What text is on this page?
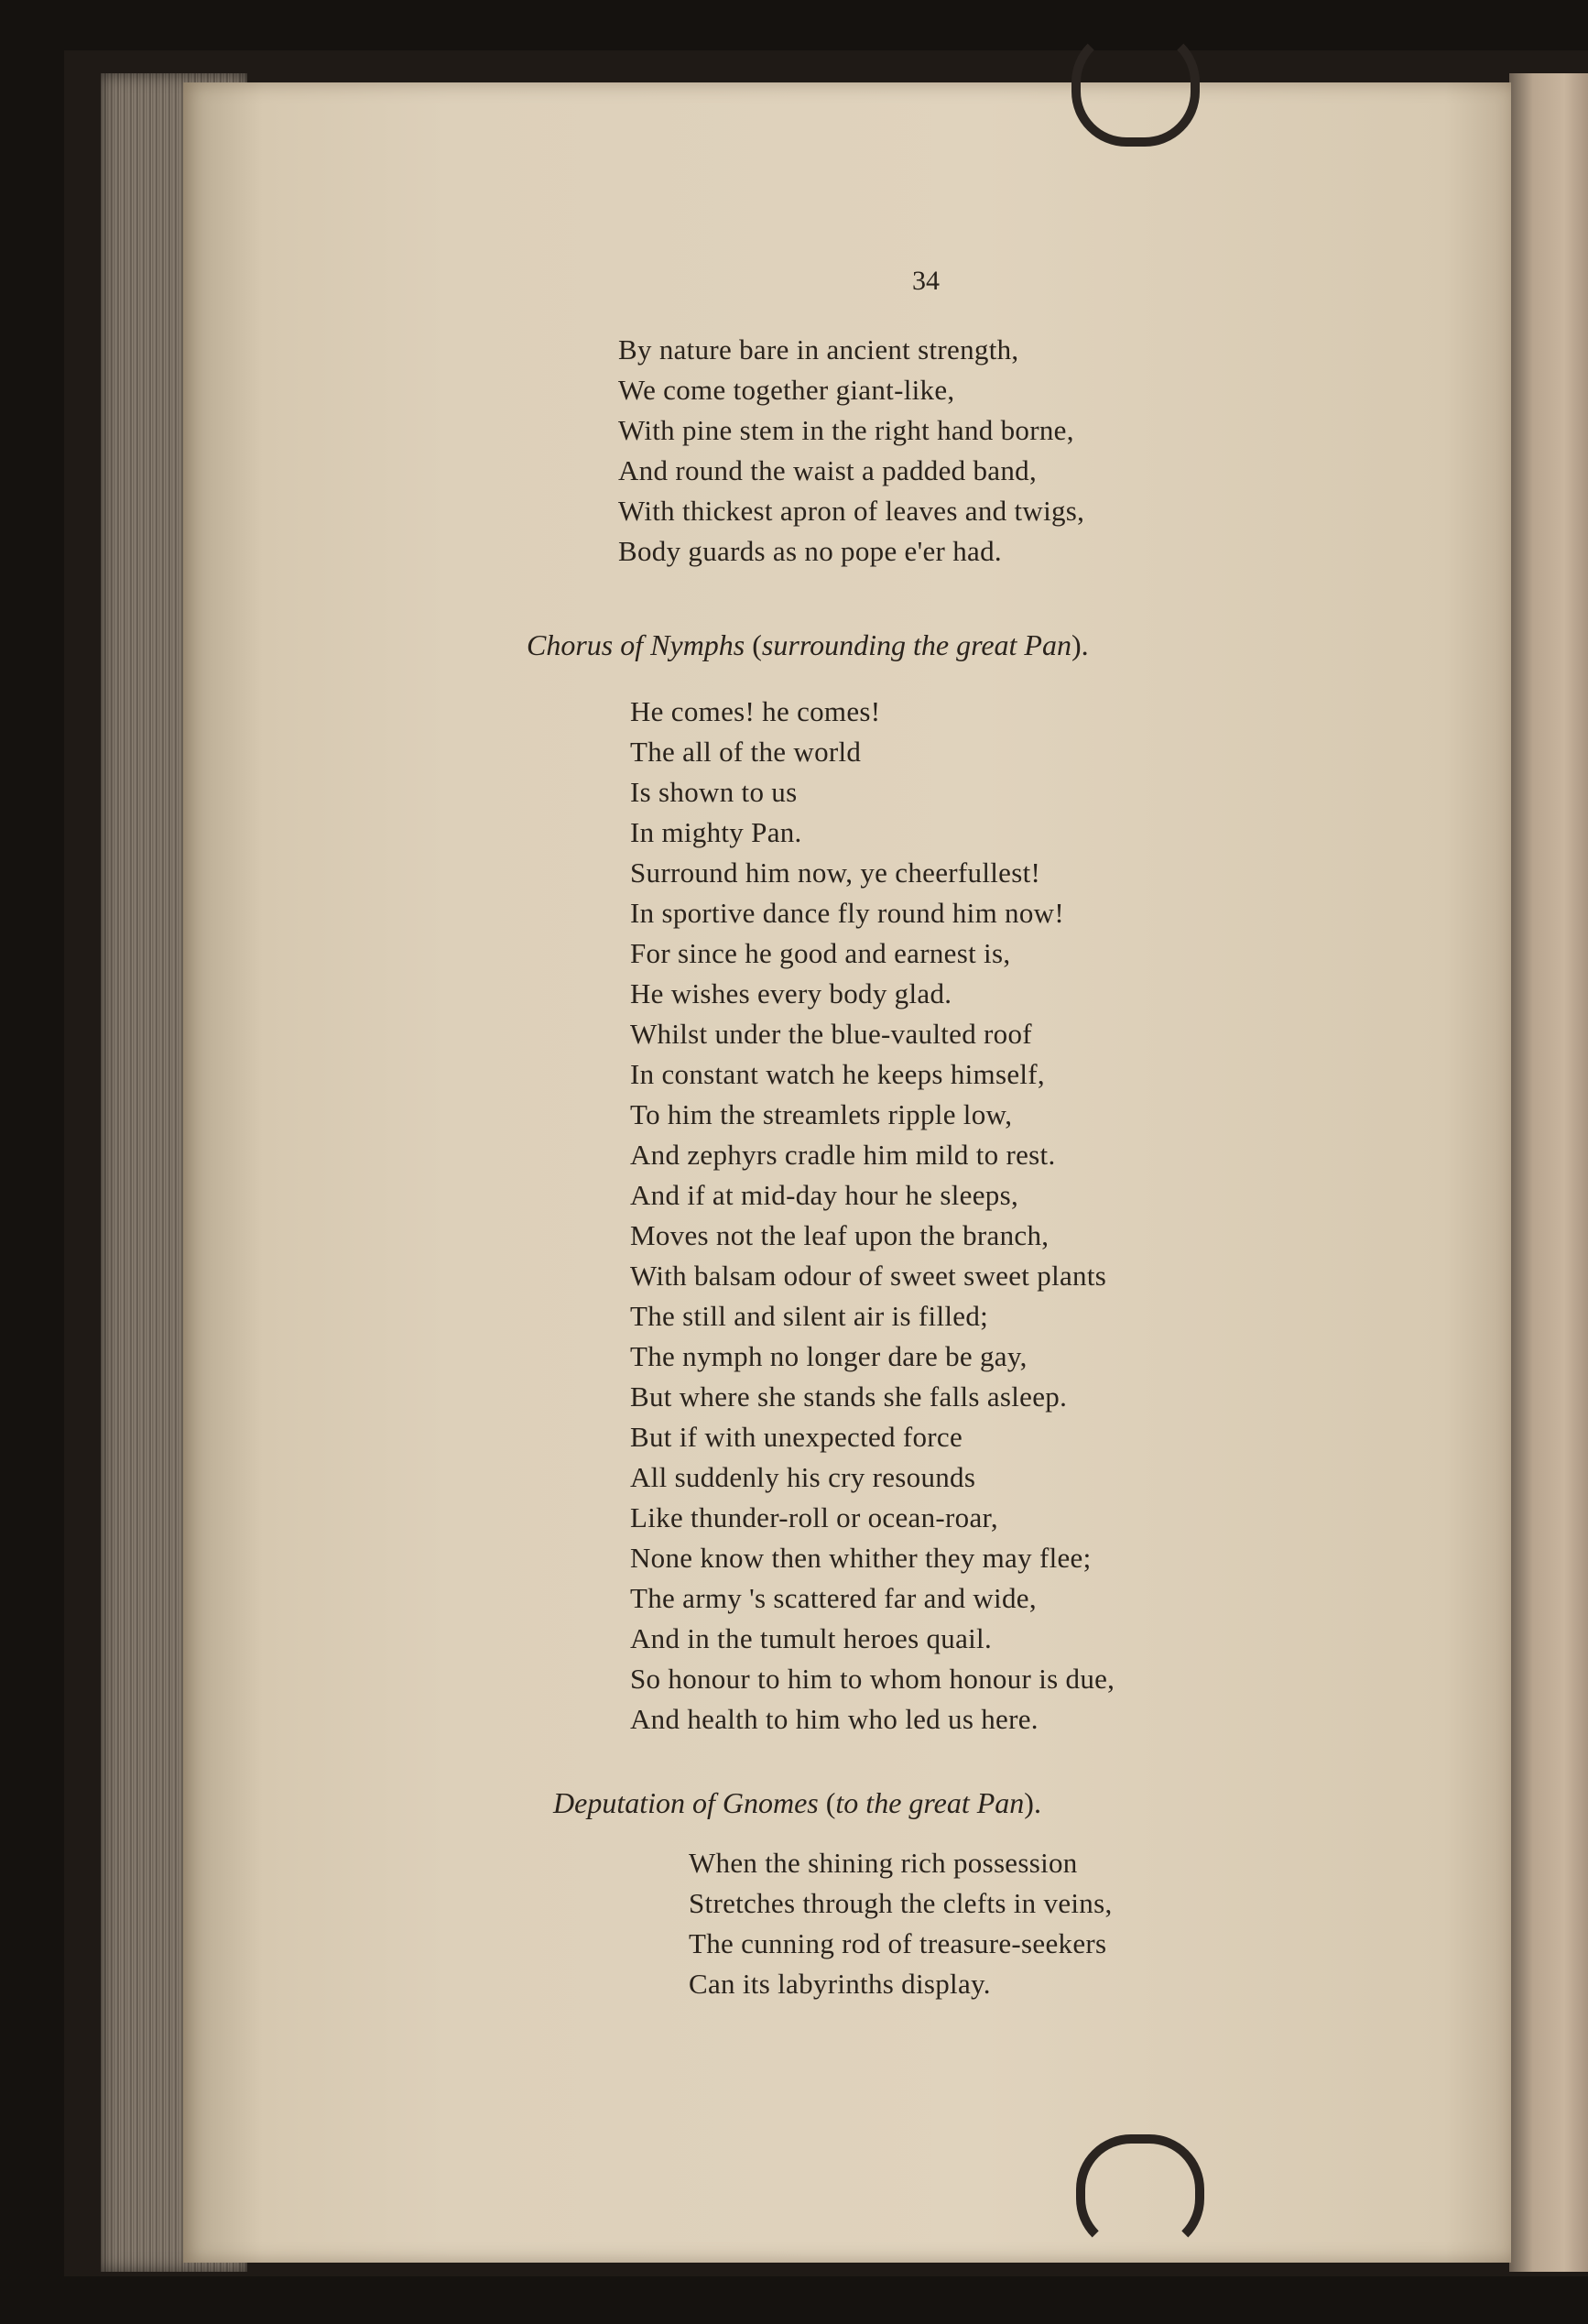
34
By nature bare in ancient strength,
We come together giant-like,
With pine stem in the right hand borne,
And round the waist a padded band,
With thickest apron of leaves and twigs,
Body guards as no pope e'er had.
Chorus of Nymphs (surrounding the great Pan).
He comes! he comes!
The all of the world
Is shown to us
In mighty Pan.
Surround him now, ye cheerfullest!
In sportive dance fly round him now!
For since he good and earnest is,
He wishes every body glad.
Whilst under the blue-vaulted roof
In constant watch he keeps himself,
To him the streamlets ripple low,
And zephyrs cradle him mild to rest.
And if at mid-day hour he sleeps,
Moves not the leaf upon the branch,
With balsam odour of sweet sweet plants
The still and silent air is filled;
The nymph no longer dare be gay,
But where she stands she falls asleep.
But if with unexpected force
All suddenly his cry resounds
Like thunder-roll or ocean-roar,
None know then whither they may flee;
The army 's scattered far and wide,
And in the tumult heroes quail.
So honour to him to whom honour is due,
And health to him who led us here.
Deputation of Gnomes (to the great Pan).
When the shining rich possession
Stretches through the clefts in veins,
The cunning rod of treasure-seekers
Can its labyrinths display.
